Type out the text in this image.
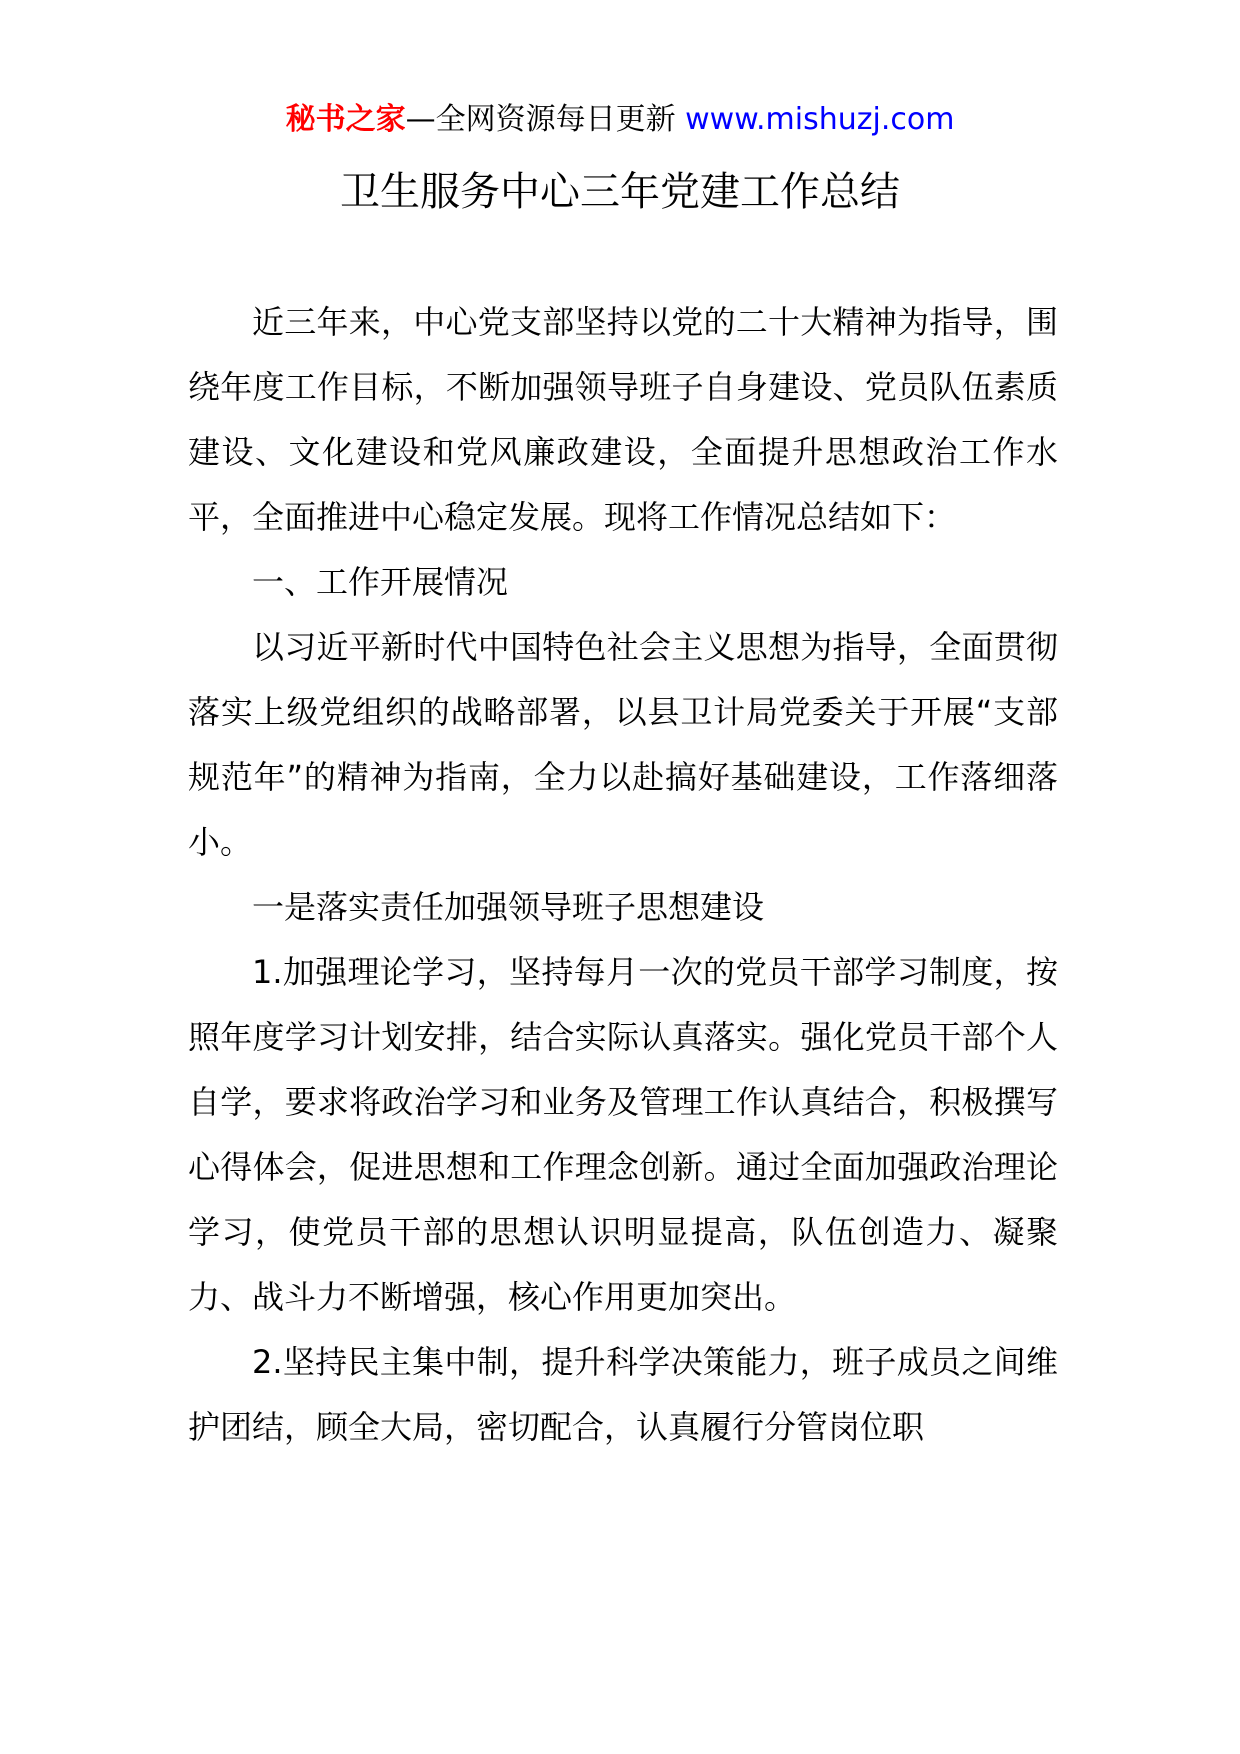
秘书之家—全网资源每日更新 www.mishuzj.com
卫生服务中心三年党建工作总结

近三年来，中心党支部坚持以党的二十大精神为指导，围绕年度工作目标，不断加强领导班子自身建设、党员队伍素质建设、文化建设和党风廉政建设，全面提升思想政治工作水平，全面推进中心稳定发展。现将工作情况总结如下：

一、工作开展情况

以习近平新时代中国特色社会主义思想为指导，全面贯彻落实上级党组织的战略部署，以县卫计局党委关于开展“支部规范年”的精神为指南，全力以赴搞好基础建设，工作落细落小。

一是落实责任加强领导班子思想建设

1.加强理论学习，坚持每月一次的党员干部学习制度，按照年度学习计划安排，结合实际认真落实。强化党员干部个人自学，要求将政治学习和业务及管理工作认真结合，积极撰写心得体会，促进思想和工作理念创新。通过全面加强政治理论学习，使党员干部的思想认识明显提高，队伍创造力、凝聚力、战斗力不断增强，核心作用更加突出。

2.坚持民主集中制，提升科学决策能力，班子成员之间维护团结，顾全大局，密切配合，认真履行分管岗位职
